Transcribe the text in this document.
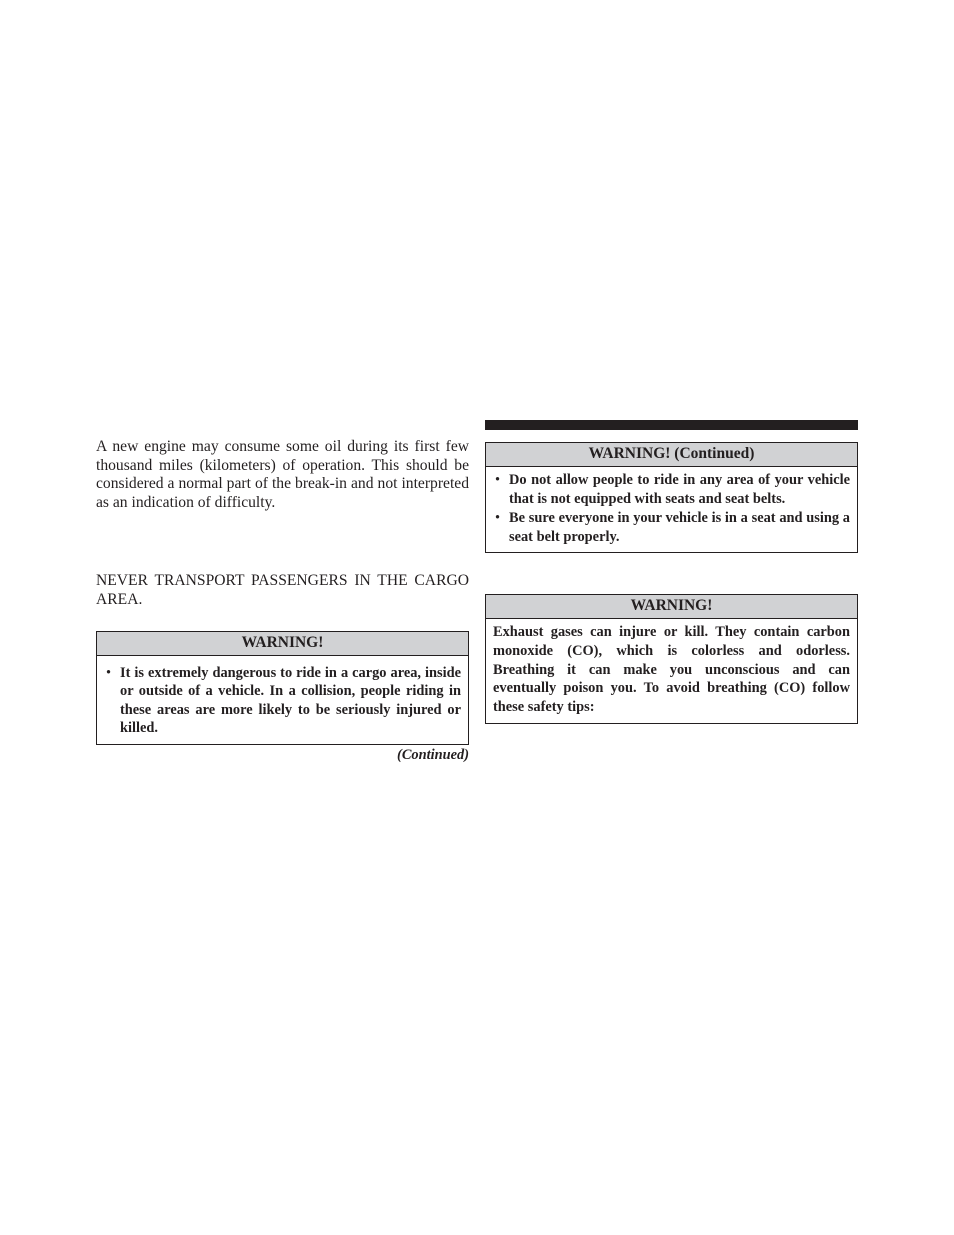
A new engine may consume some oil during its first few thousand miles (kilometers) of operation. This should be considered a normal part of the break-in and not interpreted as an indication of difficulty.

NEVER TRANSPORT PASSENGERS IN THE CARGO AREA.

WARNING!
• It is extremely dangerous to ride in a cargo area, inside or outside of a vehicle. In a collision, people riding in these areas are more likely to be seriously injured or killed.
(Continued)
WARNING! (Continued)
• Do not allow people to ride in any area of your vehicle that is not equipped with seats and seat belts.
• Be sure everyone in your vehicle is in a seat and using a seat belt properly.
WARNING!
Exhaust gases can injure or kill. They contain carbon monoxide (CO), which is colorless and odorless. Breathing it can make you unconscious and can eventually poison you. To avoid breathing (CO) follow these safety tips:
